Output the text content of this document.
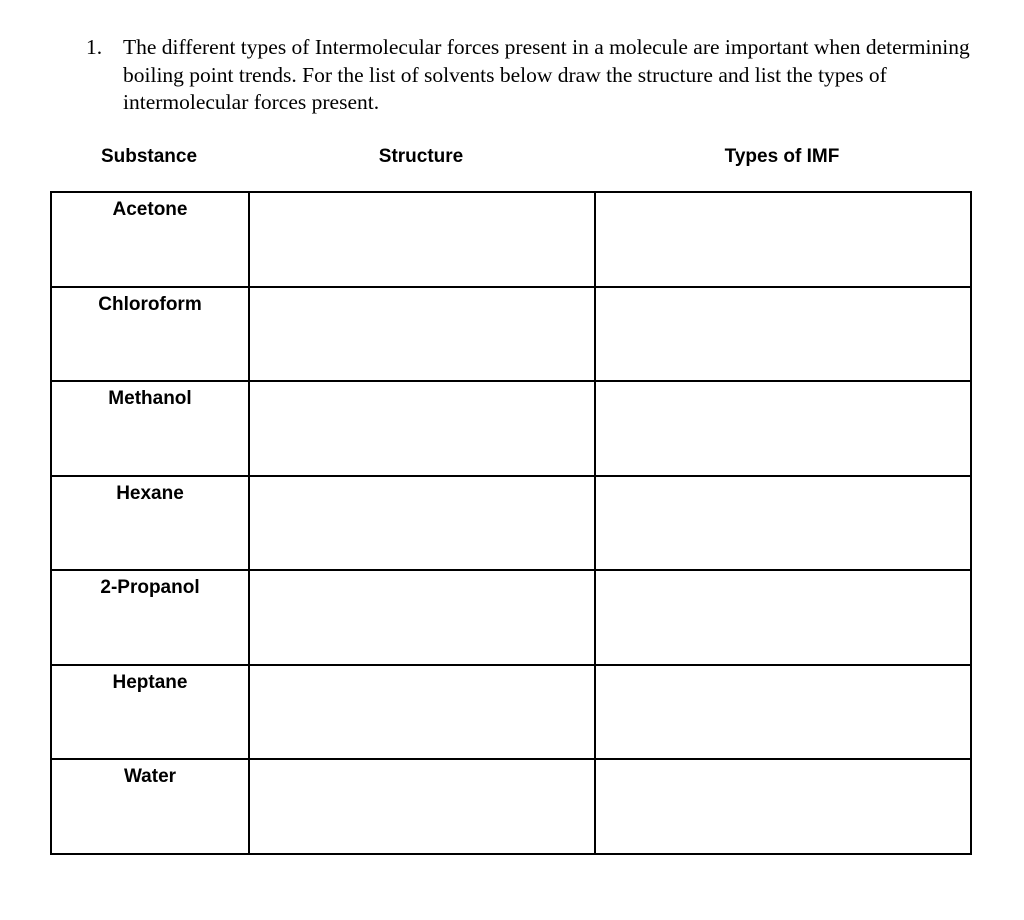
1. The different types of Intermolecular forces present in a molecule are important when determining boiling point trends. For the list of solvents below draw the structure and list the types of intermolecular forces present.
Substance	Structure	Types of IMF
Acetone		
Chloroform		
Methanol		
Hexane		
2-Propanol		
Heptane		
Water		
